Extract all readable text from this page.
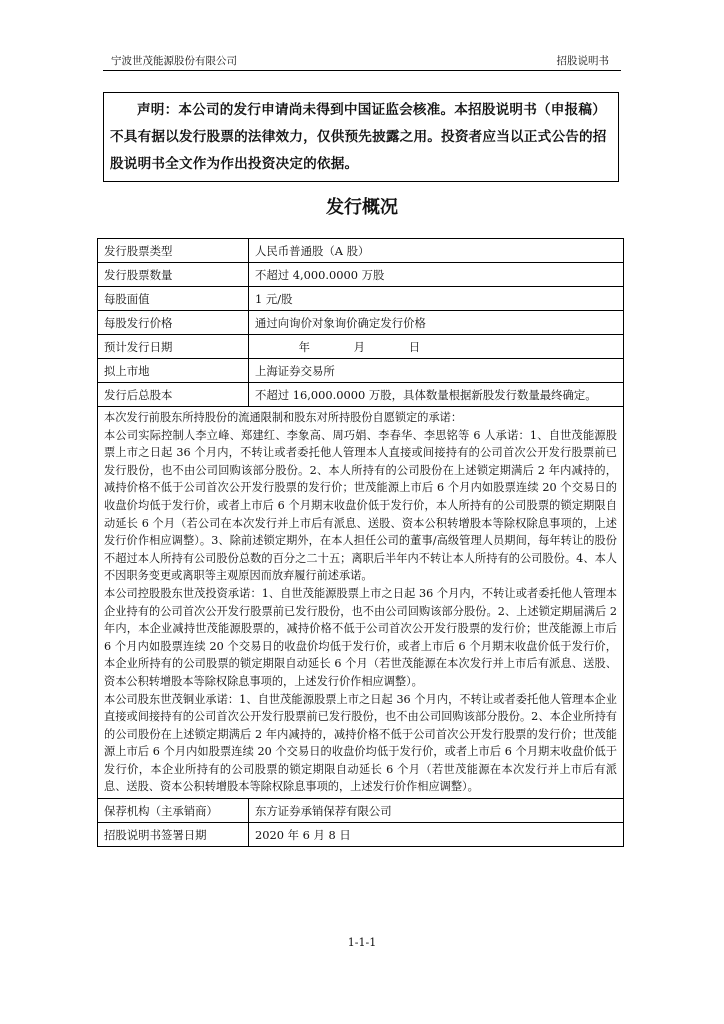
宁波世茂能源股份有限公司	招股说明书
声明：本公司的发行申请尚未得到中国证监会核准。本招股说明书（申报稿）不具有据以发行股票的法律效力，仅供预先披露之用。投资者应当以正式公告的招股说明书全文作为作出投资决定的依据。
发行概况
发行股票类型	人民币普通股（A 股）
发行股票数量	不超过 4,000.0000 万股
每股面值	1 元/股
每股发行价格	通过向询价对象询价确定发行价格
预计发行日期	年 月 日
拟上市地	上海证券交易所
发行后总股本	不超过 16,000.0000 万股，具体数量根据新股发行数量最终确定。

本次发行前股东所持股份的流通限制和股东对所持股份自愿锁定的承诺：
本公司实际控制人李立峰、郑建红、李象高、周巧娟、李春华、李思铭等 6 人承诺：1、自世茂能源股票上市之日起 36 个月内，不转让或者委托他人管理本人直接或间接持有的公司首次公开发行股票前已发行股份，也不由公司回购该部分股份。2、本人所持有的公司股份在上述锁定期满后 2 年内减持的，减持价格不低于公司首次公开发行股票的发行价；世茂能源上市后 6 个月内如股票连续 20 个交易日的收盘价均低于发行价，或者上市后 6 个月期末收盘价低于发行价，本人所持有的公司股票的锁定期限自动延长 6 个月（若公司在本次发行并上市后有派息、送股、资本公积转增股本等除权除息事项的，上述发行价作相应调整）。3、除前述锁定期外，在本人担任公司的董事/高级管理人员期间，每年转让的股份不超过本人所持有公司股份总数的百分之二十五；离职后半年内不转让本人所持有的公司股份。4、本人不因职务变更或离职等主观原因而放弃履行前述承诺。
本公司控股股东世茂投资承诺：1、自世茂能源股票上市之日起 36 个月内，不转让或者委托他人管理本企业持有的公司首次公开发行股票前已发行股份，也不由公司回购该部分股份。2、上述锁定期届满后 2 年内，本企业减持世茂能源股票的，减持价格不低于公司首次公开发行股票的发行价；世茂能源上市后 6 个月内如股票连续 20 个交易日的收盘价均低于发行价，或者上市后 6 个月期末收盘价低于发行价，本企业所持有的公司股票的锁定期限自动延长 6 个月（若世茂能源在本次发行并上市后有派息、送股、资本公积转增股本等除权除息事项的，上述发行价作相应调整）。
本公司股东世茂铜业承诺：1、自世茂能源股票上市之日起 36 个月内，不转让或者委托他人管理本企业直接或间接持有的公司首次公开发行股票前已发行股份，也不由公司回购该部分股份。2、本企业所持有的公司股份在上述锁定期满后 2 年内减持的，减持价格不低于公司首次公开发行股票的发行价；世茂能源上市后 6 个月内如股票连续 20 个交易日的收盘价均低于发行价，或者上市后 6 个月期末收盘价低于发行价，本企业所持有的公司股票的锁定期限自动延长 6 个月（若世茂能源在本次发行并上市后有派息、送股、资本公积转增股本等除权除息事项的，上述发行价作相应调整）。	

保荐机构（主承销商）	东方证券承销保荐有限公司
招股说明书签署日期	2020 年 6 月 8 日
1-1-1
